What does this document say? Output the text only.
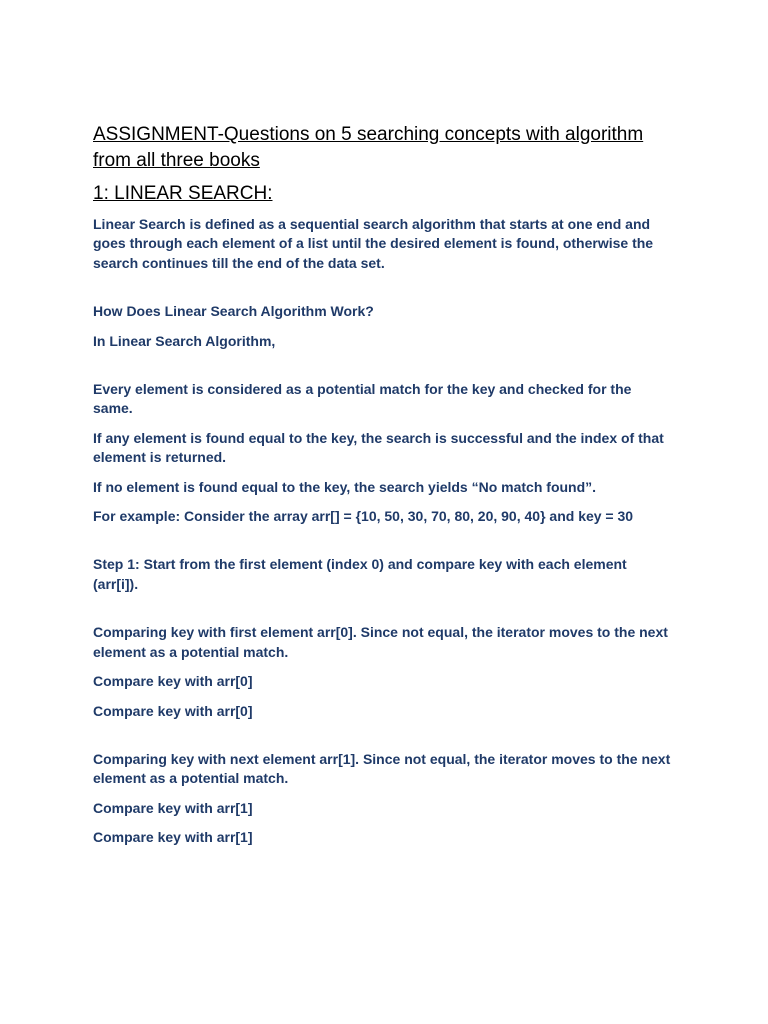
ASSIGNMENT-Questions on 5 searching concepts with algorithm from all three books
1: LINEAR SEARCH:

Linear Search is defined as a sequential search algorithm that starts at one end and goes through each element of a list until the desired element is found, otherwise the search continues till the end of the data set.

How Does Linear Search Algorithm Work?

In Linear Search Algorithm,

Every element is considered as a potential match for the key and checked for the same.

If any element is found equal to the key, the search is successful and the index of that element is returned.

If no element is found equal to the key, the search yields “No match found”.

For example: Consider the array arr[] = {10, 50, 30, 70, 80, 20, 90, 40} and key = 30

Step 1: Start from the first element (index 0) and compare key with each element (arr[i]).

Comparing key with first element arr[0]. Since not equal, the iterator moves to the next element as a potential match.

Compare key with arr[0]

Compare key with arr[0]

Comparing key with next element arr[1]. Since not equal, the iterator moves to the next element as a potential match.

Compare key with arr[1]

Compare key with arr[1]
